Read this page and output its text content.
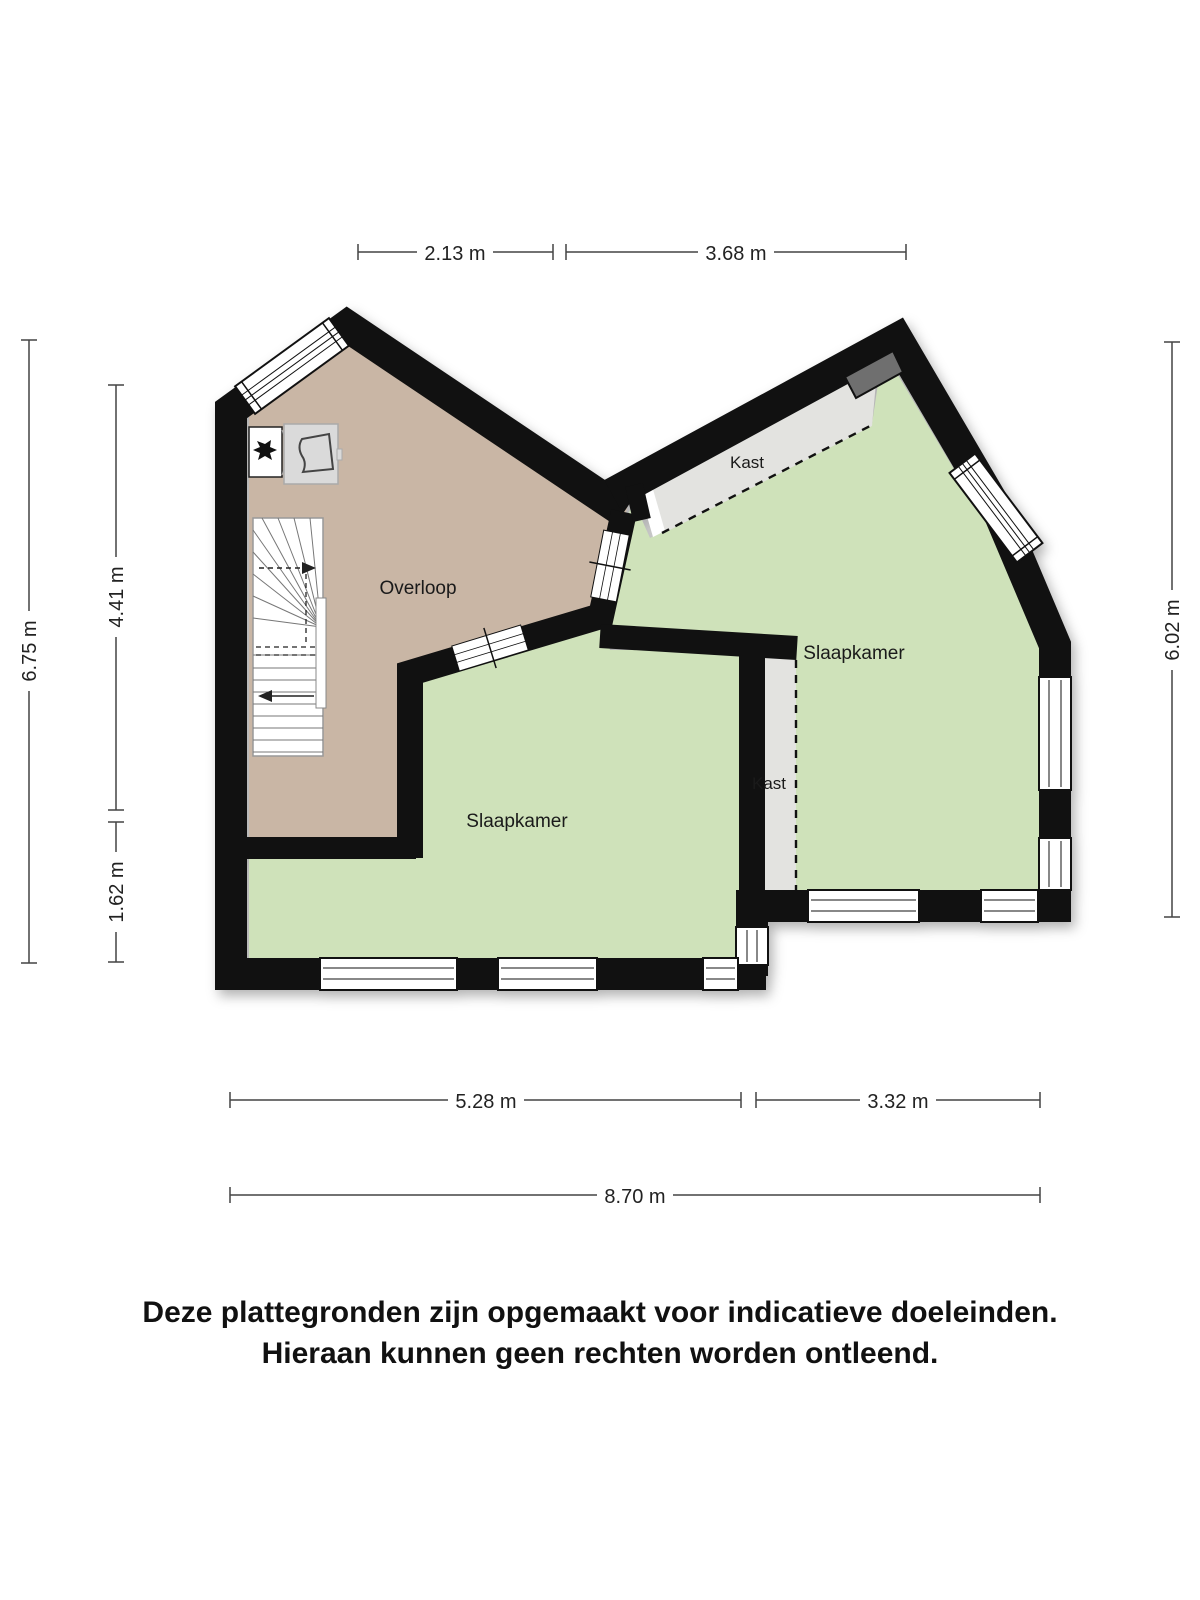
Overloop
Slaapkamer
Slaapkamer
Kast
Kast
2.13 m	3.68 m
6.75 m
4.41 m
1.62 m
6.02 m
5.28 m	3.32 m
8.70 m
Deze plattegronden zijn opgemaakt voor indicatieve doeleinden.
Hieraan kunnen geen rechten worden ontleend.
